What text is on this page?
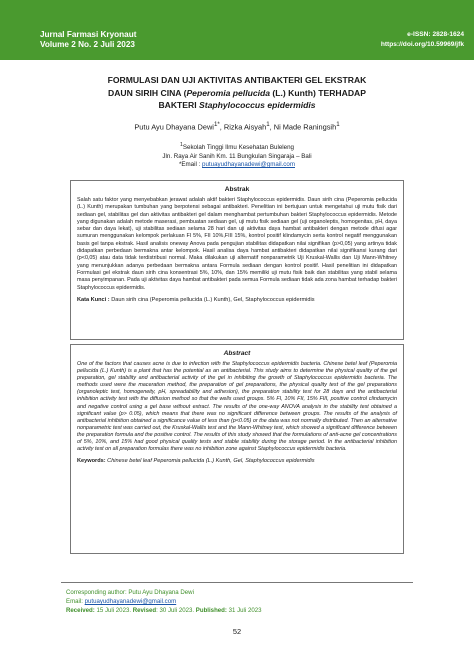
Jurnal Farmasi Kryonaut
Volume 2 No. 2 Juli 2023
e-ISSN: 2828-1624
https://doi.org/10.59969/jfk
FORMULASI DAN UJI AKTIVITAS ANTIBAKTERI GEL EKSTRAK
DAUN SIRIH CINA (Peperomia pellucida (L.) Kunth) TERHADAP
BAKTERI Staphylococcus epidermidis
Putu Ayu Dhayana Dewi$^{1*}$, Rizka Aisyah$^1$, Ni Made Raningsih$^1$
$^1$Sekolah Tinggi Ilmu Kesehatan Buleleng
Jln. Raya Air Sanih Km. 11 Bungkulan Singaraja – Bali
*Email : putuayudhayanadewi@gmail.com
Abstrak
Salah satu faktor yang menyebabkan jerawat adalah aktif bakteri Staphylococcus epidermidis. Daun sirih cina (Peperomia pellucida (L.) Kunth) merupakan tumbuhan yang berpotensi sebagai antibakteri. Penelitian ini bertujuan untuk mengetahui uji mutu fisik dari sediaan gel, stabilitas gel dan aktivitas antibakteri gel dalam menghambat pertumbuhan bakteri Staphylococcus epidermidis. Metode yang digunakan adalah metode maserasi, pembuatan sediaan gel, uji mutu fisik sediaan gel (uji organoleptis, homogenitas, pH, daya sebar dan daya lekat), uji stabilitas sediaan selama 28 hari dan uji aktivitas daya hambat antibakteri dengan metode difusi agar sumuran menggunakan kelompok perlakuan FI 5%, FII 10%,FIII 15%, kontrol positif klindamycin serta kontrol negatif menggunakan basis gel tanpa ekstrak. Hasil analisis oneway Anova pada pengujian stabilitas didapatkan nilai signifikan (p>0,05) yang artinya tidak didapatkan perbedaan bermakna antar kelompok. Hasil analisa daya hambat antibakteri didapatkan nilai signifikansi kurang dari (p<0,05) atau data tidak terdistribusi normal. Maka dilakukan uji alternatif nonparametrik Uji Kruskal-Wallis dan Uji Mann-Whitney yang menunjukkan adanya perbedaan bermakna antara Formula sediaan dengan kontrol positif. Hasil penelitian ini didapatkan Formulasi gel ekstrak daun sirih cina konsentrasi 5%, 10%, dan 15% memiliki uji mutu fisik baik dan stabilitas yang stabil selama masa penyimpanan. Pada uji aktivitas daya hambat antibakteri pada semua Formula sediaan tidak ada zona hambat terhadap bakteri Staphylococcus epidermidis.
Kata Kunci : Daun sirih cina (Peperomia pellucida (L.) Kunth), Gel, Staphylococcus epidermidis
Abstract
One of the factors that causes acne is due to infection with the Staphylococcus epidermidis bacteria. Chinese betel leaf (Peperomia pellucida (L.) Kunth) is a plant that has the potential as an antibacterial. This study aims to determine the physical quality of the gel preparation, gel stability and antibacterial activity of the gel in inhibiting the growth of Staphylococcus epidermidis bacteria. The methods used were the maceration method, the preparation of gel preparations, the physical quality test of the gel preparations (organoleptic test, homogeneity, pH, spreadability and adhesion), the preparation stability test for 28 days and the antibacterial inhibition activity test with the diffusion method so that the wells used groups. 5% FI, 10% FII, 15% FIII, positive control clindamycin and negative control using a gel base without extract. The results of the one-way ANOVA analysis in the stability test obtained a significant value (p> 0.05), which means that there was no significant difference between groups. The results of the analysis of antibacterial inhibition obtained a significance value of less than (p<0.05) or the data was not normally distributed. Then an alternative nonparametric test was carried out, the Kruskal-Wallis test and the Mann-Whitney test, which showed a significant difference between the preparation formula and the positive control. The results of this study showed that the formulations of anti-acne gel concentrations of 5%, 10%, and 15% had good physical quality tests and stable stability during the storage period. In the antibacterial inhibition activity test on all preparation formulas there was no inhibition zone against Staphylococcus epidermidis bacteria.
Keywords: Chinese betel leaf Peperomia pellucida (L.) Kunth, Gel, Staphylococcus epidermidis
Corresponding author: Putu Ayu Dhayana Dewi
Email: putuayudhayanadewi@gmail.com
Received: 15 Juli 2023. Revised: 30 Juli 2023. Published: 31 Juli 2023
52
